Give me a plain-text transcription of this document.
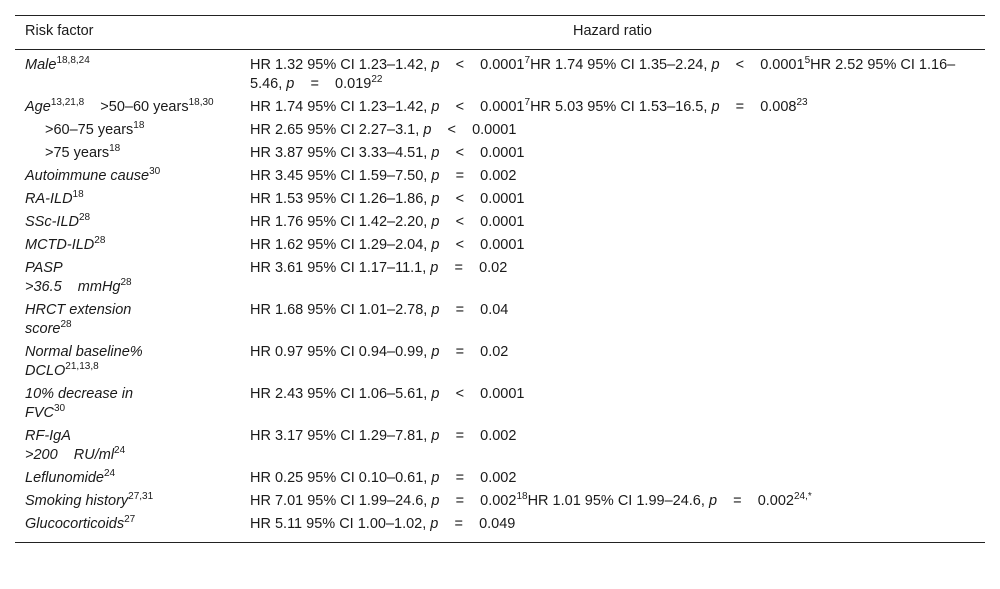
Risk factor	Hazard ratio
Male$^{18,8,24}$	HR 1.32 95% CI 1.23–1.42, p    <    0.0001$^7$HR 1.74 95% CI 1.35–2.24, p    <    0.0001$^5$HR 2.52 95% CI 1.16–5.46, p    =    0.019$^{22}$
Age$^{13,21,8}$    >50–60 years$^{18,30}$	HR 1.74 95% CI 1.23–1.42, p    <    0.0001$^7$HR 5.03 95% CI 1.53–16.5, p    =    $0.008^{23}$
>60–75 years$^{18}$	HR 2.65 95% CI 2.27–3.1, p    <    0.0001
>75 years$^{18}$	HR 3.87 95% CI 3.33–4.51, p    <    0.0001
Autoimmune cause$^{30}$	HR 3.45 95% CI 1.59–7.50, p    =    0.002
RA-ILD$^{18}$	HR 1.53 95% CI 1.26–1.86, p    <    0.0001
SSc-ILD$^{28}$	HR 1.76 95% CI 1.42–2.20, p    <    0.0001
MCTD-ILD$^{28}$	HR 1.62 95% CI 1.29–2.04, p    <    0.0001
PASP
>36.5    mmHg$^{28}$	HR 3.61 95% CI 1.17–11.1, p    =    0.02
HRCT extension
score$^{28}$	HR 1.68 95% CI 1.01–2.78, p    =    0.04
Normal baseline%
DCLO$^{21,13,8}$	HR 0.97 95% CI 0.94–0.99, p    =    0.02
10% decrease in
FVC$^{30}$	HR 2.43 95% CI 1.06–5.61, p    <    0.0001
RF-IgA
>200    $RU/ml^{24}$	HR 3.17 95% CI 1.29–7.81, p    =    0.002
Leflunomide$^{24}$	HR 0.25 95% CI 0.10–0.61, p    =    0.002
Smoking history$^{27,31}$	HR 7.01 95% CI 1.99–24.6, p    =    0.002$^{18}$HR 1.01 95% CI 1.99–24.6, p    =    $0.002^{24,*}$
Glucocorticoids$^{27}$	HR 5.11 95% CI 1.00–1.02, p    =    0.049
